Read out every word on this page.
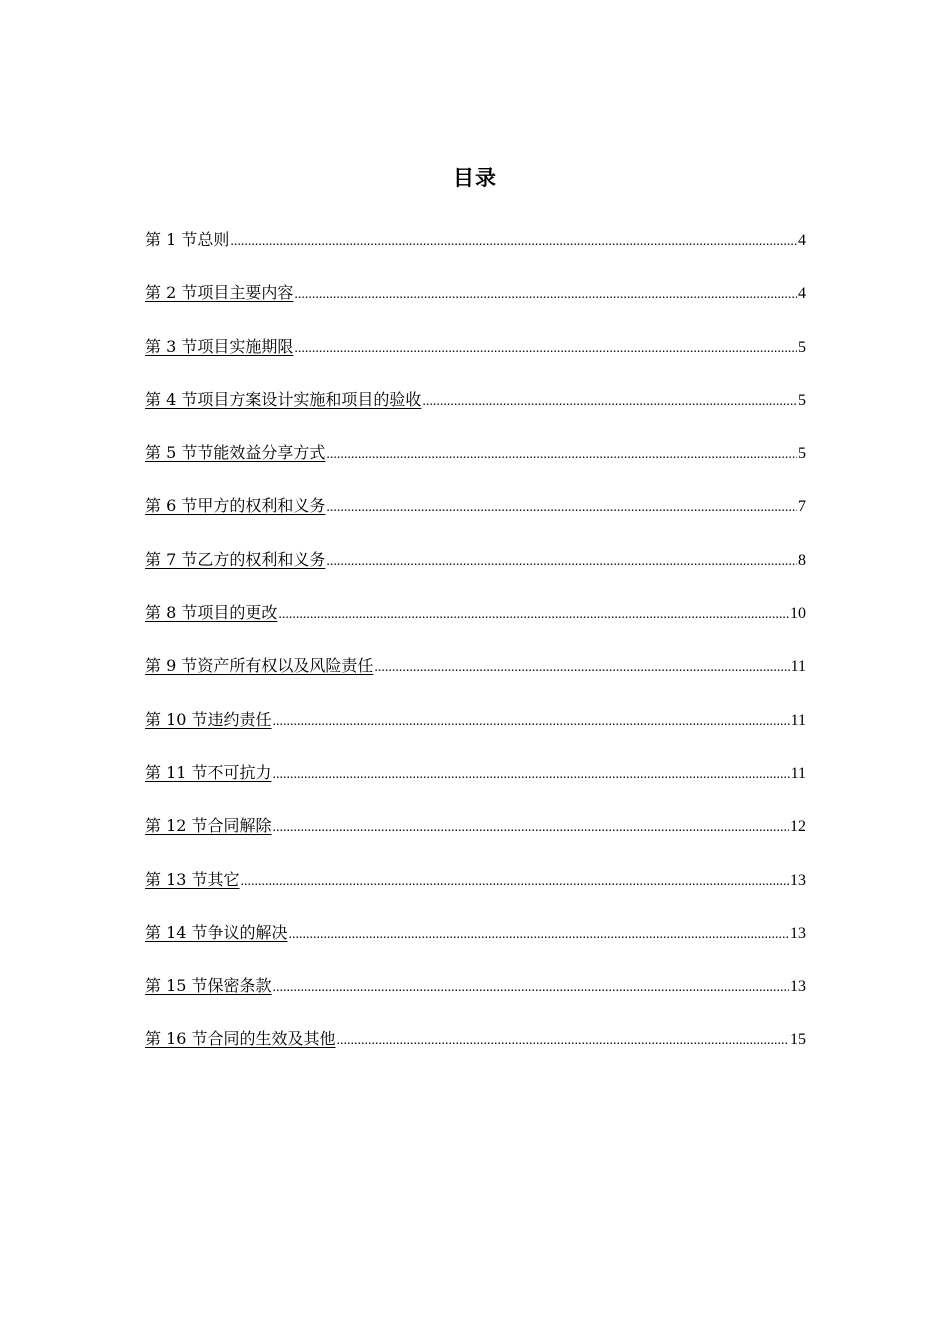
目录
第 1 节总则 .....	4
第 2 节项目主要内容 .....	4
第 3 节项目实施期限 .....	5
第 4 节项目方案设计实施和项目的验收 .....	5
第 5 节节能效益分享方式 .....	5
第 6 节甲方的权利和义务 .....	7
第 7 节乙方的权利和义务 .....	8
第 8 节项目的更改 .....	10
第 9 节资产所有权以及风险责任 .....	11
第 10 节违约责任 .....	11
第 11 节不可抗力 .....	11
第 12 节合同解除 .....	12
第 13 节其它 .....	13
第 14 节争议的解决 .....	13
第 15 节保密条款 .....	13
第 16 节合同的生效及其他 .....	15
